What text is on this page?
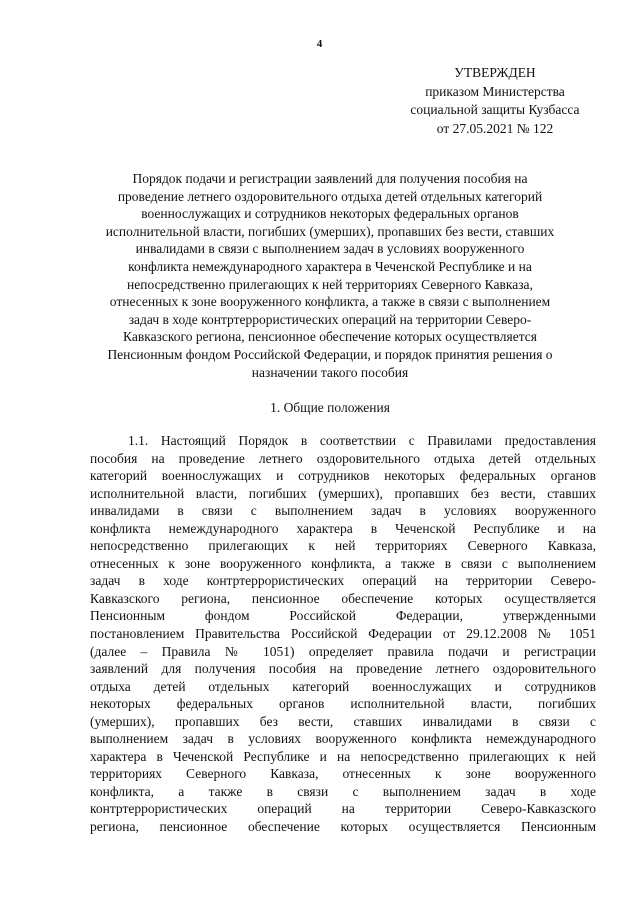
4
УТВЕРЖДЕН
приказом Министерства
социальной защиты Кузбасса
от 27.05.2021 № 122
Порядок подачи и регистрации заявлений для получения пособия на
проведение летнего оздоровительного отдыха детей отдельных категорий
военнослужащих и сотрудников некоторых федеральных органов
исполнительной власти, погибших (умерших), пропавших без вести, ставших
инвалидами в связи с выполнением задач в условиях вооруженного
конфликта немеждународного характера в Чеченской Республике и на
непосредственно прилегающих к ней территориях Северного Кавказа,
отнесенных к зоне вооруженного конфликта, а также в связи с выполнением
задач в ходе контртеррористических операций на территории Северо-
Кавказского региона, пенсионное обеспечение которых осуществляется
Пенсионным фондом Российской Федерации, и порядок принятия решения о
назначении такого пособия
1. Общие положения
1.1. Настоящий Порядок в соответствии с Правилами предоставления
пособия на проведение летнего оздоровительного отдыха детей отдельных
категорий военнослужащих и сотрудников некоторых федеральных органов
исполнительной власти, погибших (умерших), пропавших без вести, ставших
инвалидами в связи с выполнением задач в условиях вооруженного
конфликта немеждународного характера в Чеченской Республике и на
непосредственно прилегающих к ней территориях Северного Кавказа,
отнесенных к зоне вооруженного конфликта, а также в связи с выполнением
задач в ходе контртеррористических операций на территории Северо-
Кавказского региона, пенсионное обеспечение которых осуществляется
Пенсионным фондом Российской Федерации, утвержденными
постановлением Правительства Российской Федерации от 29.12.2008 № 1051
(далее – Правила № 1051) определяет правила подачи и регистрации
заявлений для получения пособия на проведение летнего оздоровительного
отдыха детей отдельных категорий военнослужащих и сотрудников
некоторых федеральных органов исполнительной власти, погибших
(умерших), пропавших без вести, ставших инвалидами в связи с
выполнением задач в условиях вооруженного конфликта немеждународного
характера в Чеченской Республике и на непосредственно прилегающих к ней
территориях Северного Кавказа, отнесенных к зоне вооруженного
конфликта, а также в связи с выполнением задач в ходе
контртеррористических операций на территории Северо-Кавказского
региона, пенсионное обеспечение которых осуществляется Пенсионным
